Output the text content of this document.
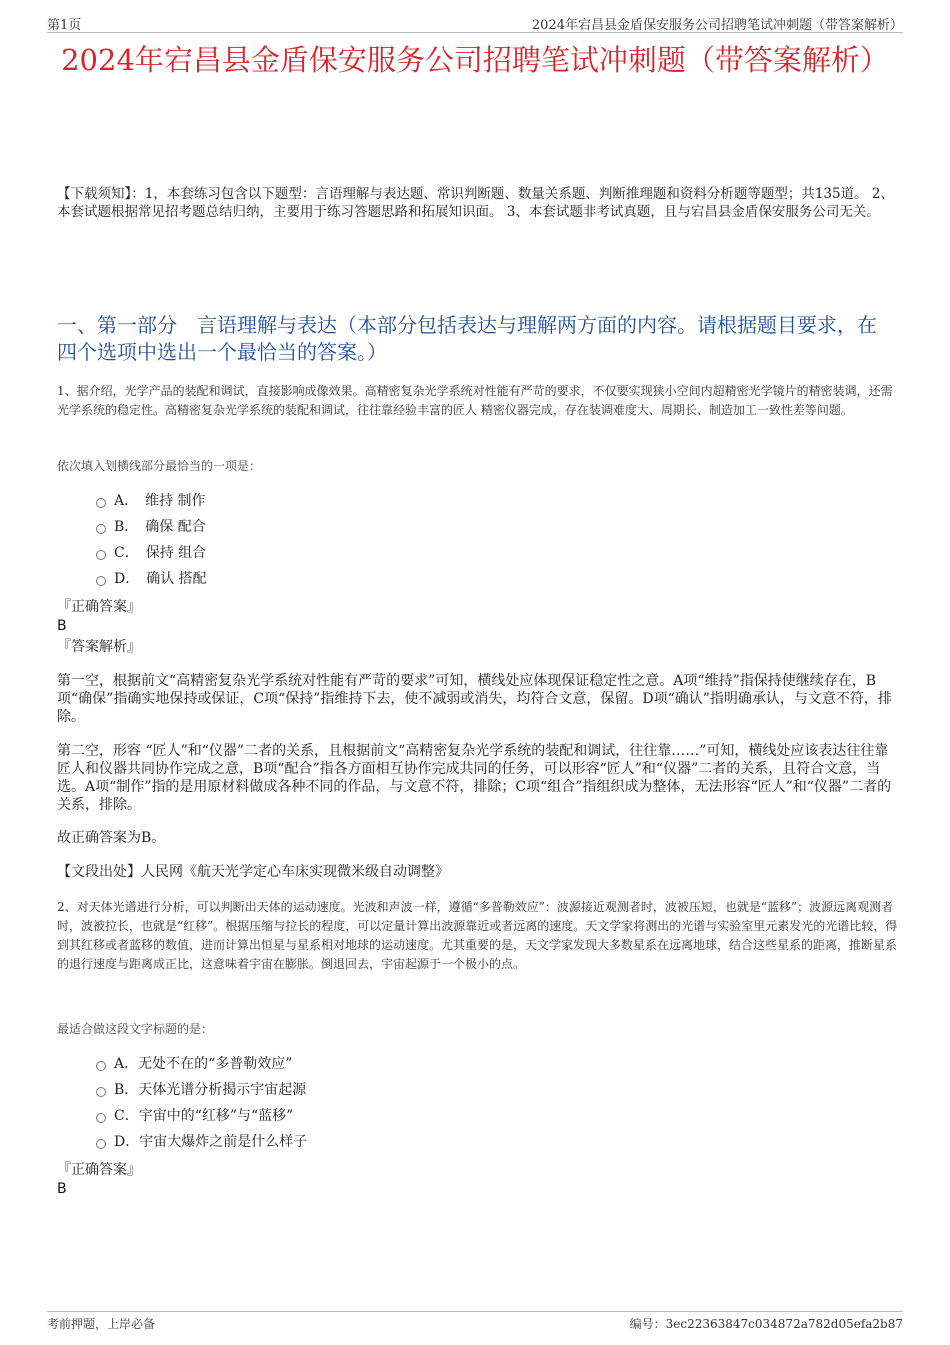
第1页	2024年宕昌县金盾保安服务公司招聘笔试冲刺题（带答案解析）
2024年宕昌县金盾保安服务公司招聘笔试冲刺题（带答案解析）
【下载须知】：1，本套练习包含以下题型：言语理解与表达题、常识判断题、数量关系题、判断推理题和资料分析题等题型；共135道。 2、本套试题根据常见招考题总结归纳，主要用于练习答题思路和拓展知识面。 3、本套试题非考试真题，且与宕昌县金盾保安服务公司无关。
一、第一部分　言语理解与表达（本部分包括表达与理解两方面的内容。请根据题目要求，在四个选项中选出一个最恰当的答案。）

1、据介绍，光学产品的装配和调试，直接影响成像效果。高精密复杂光学系统对性能有严苛的要求，不仅要实现狭小空间内超精密光学镜片的精密装调，还需 光学系统的稳定性。高精密复杂光学系统的装配和调试，往往靠经验丰富的匠人 精密仪器完成，存在装调难度大、周期长、制造加工一致性差等问题。

依次填入划横线部分最恰当的一项是：

A．　维持 制作
B．　确保 配合
C．　保持 组合
D．　确认 搭配
『正确答案』
B
『答案解析』
第一空，根据前文“高精密复杂光学系统对性能有严苛的要求”可知，横线处应体现保证稳定性之意。A项“维持”指保持使继续存在，B项“确保”指确实地保持或保证，C项“保持”指维持下去，使不减弱或消失，均符合文意，保留。D项“确认”指明确承认，与文意不符，排除。
第二空，形容 “匠人”和“仪器”二者的关系，且根据前文“高精密复杂光学系统的装配和调试，往往靠……”可知，横线处应该表达往往靠匠人和仪器共同协作完成之意，B项“配合”指各方面相互协作完成共同的任务，可以形容“匠人”和“仪器”二者的关系，且符合文意，当选。A项“制作”指的是用原材料做成各种不同的作品，与文意不符，排除；C项“组合”指组织成为整体，无法形容“匠人”和“仪器”二者的关系，排除。
故正确答案为B。
【文段出处】人民网《航天光学定心车床实现微米级自动调整》

2、对天体光谱进行分析，可以判断出天体的运动速度。光波和声波一样，遵循“多普勒效应”：波源接近观测者时，波被压短，也就是“蓝移”；波源远离观测者时，波被拉长，也就是“红移”。根据压缩与拉长的程度，可以定量计算出波源靠近或者远离的速度。天文学家将测出的光谱与实验室里元素发光的光谱比较，得到其红移或者蓝移的数值，进而计算出恒星与星系相对地球的运动速度。尤其重要的是，天文学家发现大多数星系在远离地球，结合这些星系的距离，推断星系的退行速度与距离成正比，这意味着宇宙在膨胀。倒退回去，宇宙起源于一个极小的点。

最适合做这段文字标题的是：

A．无处不在的“多普勒效应”
B．天体光谱分析揭示宇宙起源
C．宇宙中的“红移”与“蓝移”
D．宇宙大爆炸之前是什么样子
『正确答案』
B
考前押题，上岸必备	编号：3ec22363847c034872a782d05efa2b87
